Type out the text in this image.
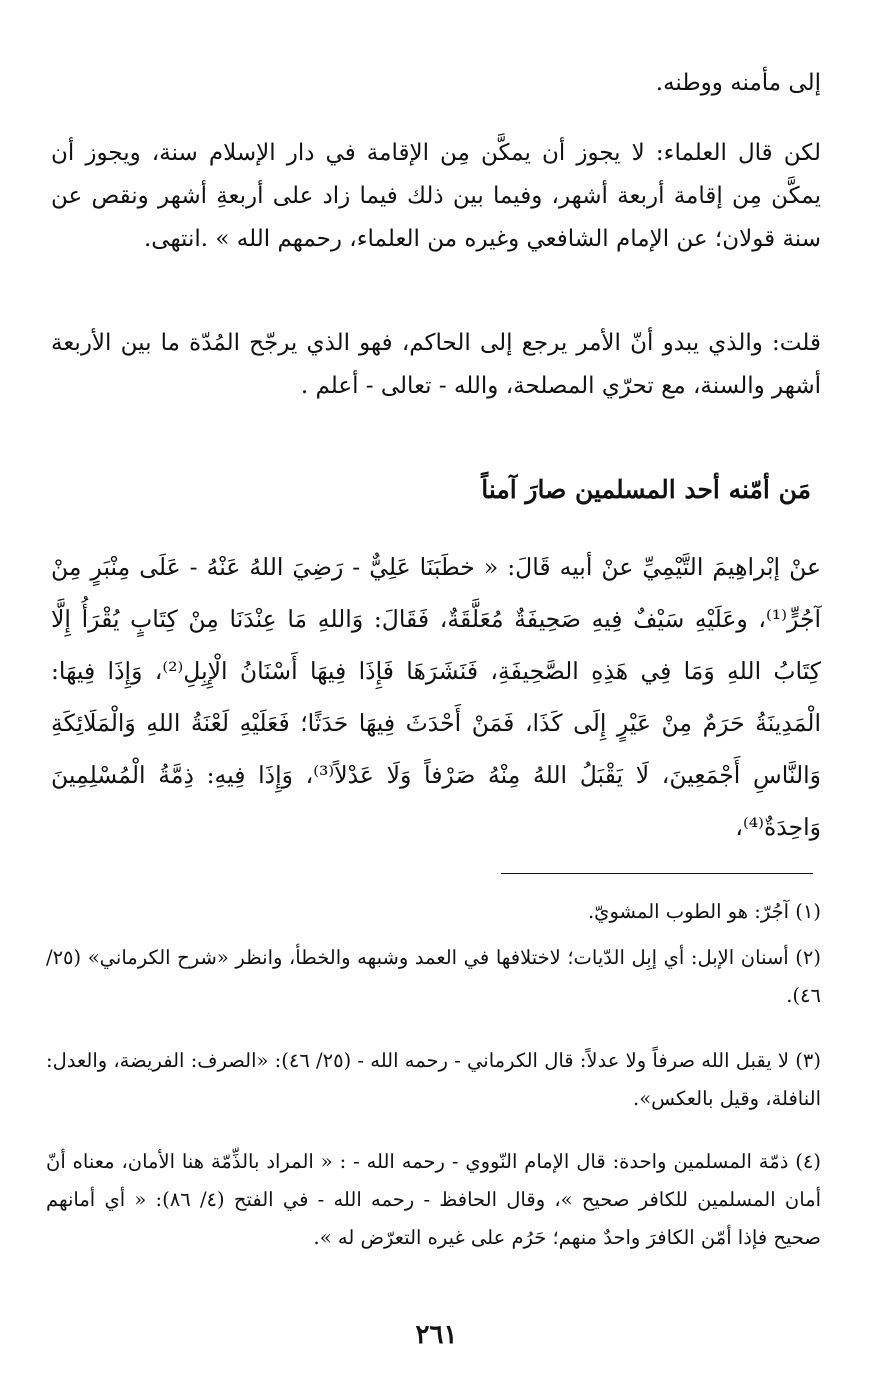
إلى مأمنه ووطنه.

لكن قال العلماء: لا يجوز أن يمكَّن مِن الإقامة في دار الإسلام سنة، ويجوز أن يمكَّن مِن إقامة أربعة أشهر، وفيما بين ذلك فيما زاد على أربعةِ أشهر ونقص عن سنة قولان؛ عن الإمام الشافعي وغيره من العلماء، رحمهم الله » .انتهى.

قلت: والذي يبدو أنّ الأمر يرجع إلى الحاكم، فهو الذي يرجّح المُدّة ما بين الأربعة أشهر والسنة، مع تحرّي المصلحة، والله - تعالى - أعلم .

مَن أمّنه أحد المسلمين صارَ آمناً

عنْ إبْراهِيمَ التَّيْمِيِّ عنْ أبيه قَالَ: « خطَبَنَا عَلِيٌّ - رَضِيَ اللهُ عَنْهُ - عَلَى مِنْبَرٍ مِنْ آجُرٍّ⁽¹⁾، وعَلَيْهِ سَيْفٌ فِيهِ صَحِيفَةٌ مُعَلَّقَةٌ، فَقَالَ: وَاللهِ مَا عِنْدَنَا مِنْ كِتَابٍ يُقْرَأُ إِلَّا كِتَابُ اللهِ وَمَا فِي هَذِهِ الصَّحِيفَةِ، فَنَشَرَهَا فَإِذَا فِيهَا أَسْنَانُ الْإِبِلِ⁽²⁾، وَإِذَا فِيهَا: الْمَدِينَةُ حَرَمٌ مِنْ عَيْرٍ إِلَى كَذَا، فَمَنْ أَحْدَثَ فِيهَا حَدَثًا؛ فَعَلَيْهِ لَعْنَةُ اللهِ وَالْمَلَائِكَةِ وَالنَّاسِ أَجْمَعِينَ، لَا يَقْبَلُ اللهُ مِنْهُ صَرْفاً وَلَا عَدْلاً⁽³⁾، وَإِذَا فِيهِ: ذِمَّةُ الْمُسْلِمِينَ وَاحِدَةٌ⁽⁴⁾،

(١) آجُرّ: هو الطوب المشويّ.

(٢) أسنان الإبل: أي إبِل الدّيات؛ لاختلافها في العمد وشبهه والخطأ، وانظر «شرح الكرماني» (٢٥/ ٤٦).

(٣) لا يقبل الله صرفاً ولا عدلاً: قال الكرماني - رحمه الله - (٢٥/ ٤٦): «الصرف: الفريضة، والعدل: النافلة، وقيل بالعكس».

(٤) ذمّة المسلمين واحدة: قال الإمام النّووي - رحمه الله - : « المراد بالذِّمّة هنا الأمان، معناه أنّ أمان المسلمين للكافر صحيح »، وقال الحافظ - رحمه الله - في الفتح (٤/ ٨٦): « أي أمانهم صحيح فإذا أمّن الكافرَ واحدٌ منهم؛ حَرُم على غيره التعرّض له ».

٢٦١
